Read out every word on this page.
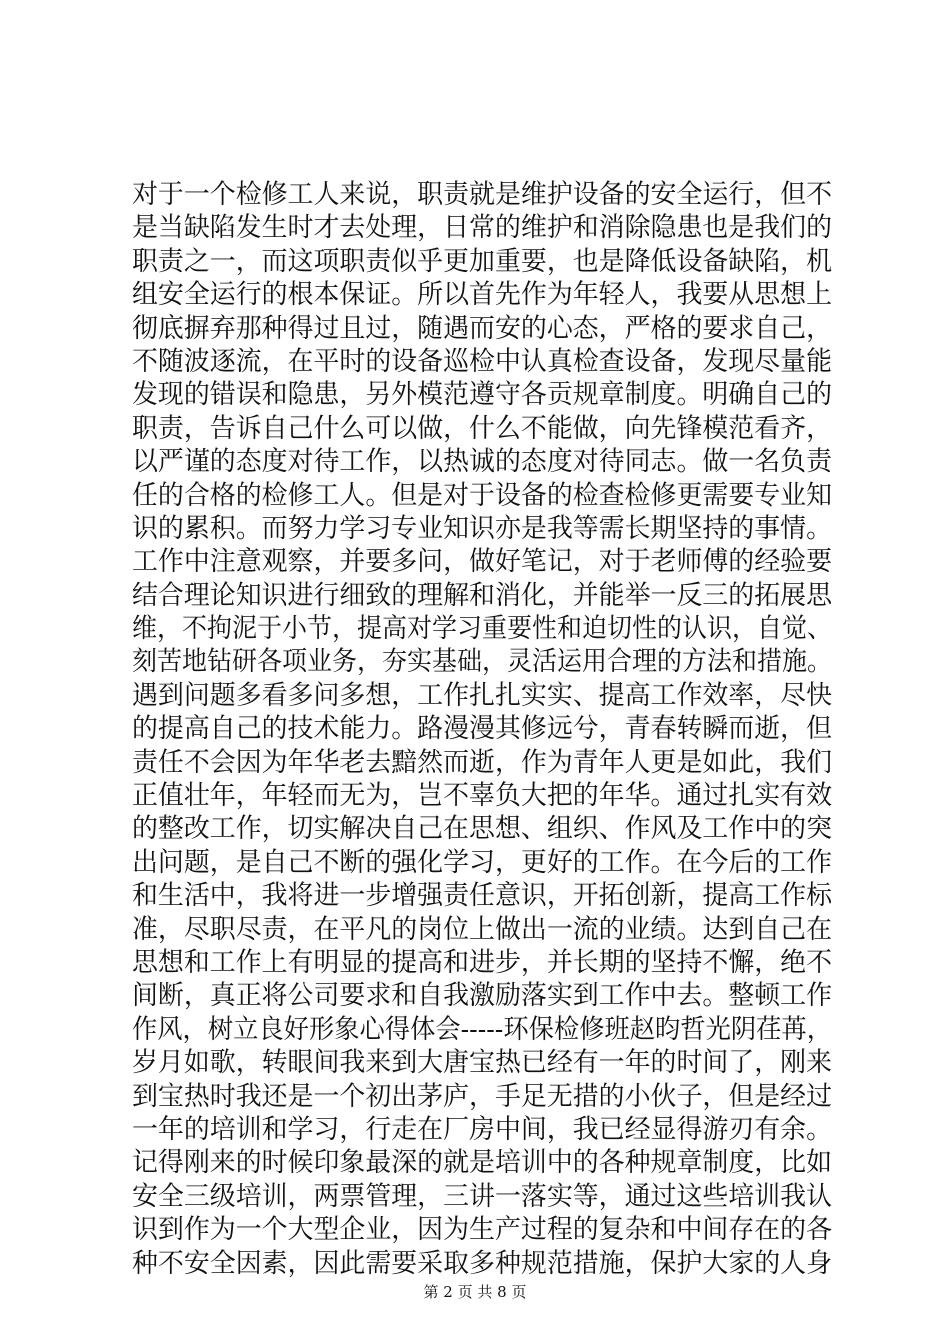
对于一个检修工人来说，职责就是维护设备的安全运行，但不
是当缺陷发生时才去处理，日常的维护和消除隐患也是我们的
职责之一，而这项职责似乎更加重要，也是降低设备缺陷，机
组安全运行的根本保证。所以首先作为年轻人，我要从思想上
彻底摒弃那种得过且过，随遇而安的心态，严格的要求自己，
不随波逐流，在平时的设备巡检中认真检查设备，发现尽量能
发现的错误和隐患，另外模范遵守各贡规章制度。明确自己的
职责，告诉自己什么可以做，什么不能做，向先锋模范看齐，
以严谨的态度对待工作，以热诚的态度对待同志。做一名负责
任的合格的检修工人。但是对于设备的检查检修更需要专业知
识的累积。而努力学习专业知识亦是我等需长期坚持的事情。
工作中注意观察，并要多问，做好笔记，对于老师傅的经验要
结合理论知识进行细致的理解和消化，并能举一反三的拓展思
维，不拘泥于小节，提高对学习重要性和迫切性的认识，自觉、
刻苦地钻研各项业务，夯实基础，灵活运用合理的方法和措施。
遇到问题多看多问多想，工作扎扎实实、提高工作效率，尽快
的提高自己的技术能力。路漫漫其修远兮，青春转瞬而逝，但
责任不会因为年华老去黯然而逝，作为青年人更是如此，我们
正值壮年，年轻而无为，岂不辜负大把的年华。通过扎实有效
的整改工作，切实解决自己在思想、组织、作风及工作中的突
出问题，是自己不断的强化学习，更好的工作。在今后的工作
和生活中，我将进一步增强责任意识，开拓创新，提高工作标
准，尽职尽责，在平凡的岗位上做出一流的业绩。达到自己在
思想和工作上有明显的提高和进步，并长期的坚持不懈，绝不
间断，真正将公司要求和自我激励落实到工作中去。整顿工作
作风，树立良好形象心得体会-----环保检修班赵昀哲光阴荏苒，
岁月如歌，转眼间我来到大唐宝热已经有一年的时间了，刚来
到宝热时我还是一个初出茅庐，手足无措的小伙子，但是经过
一年的培训和学习，行走在厂房中间，我已经显得游刃有余。
记得刚来的时候印象最深的就是培训中的各种规章制度，比如
安全三级培训，两票管理，三讲一落实等，通过这些培训我认
识到作为一个大型企业，因为生产过程的复杂和中间存在的各
种不安全因素，因此需要采取多种规范措施，保护大家的人身
第 2 页 共 8 页
